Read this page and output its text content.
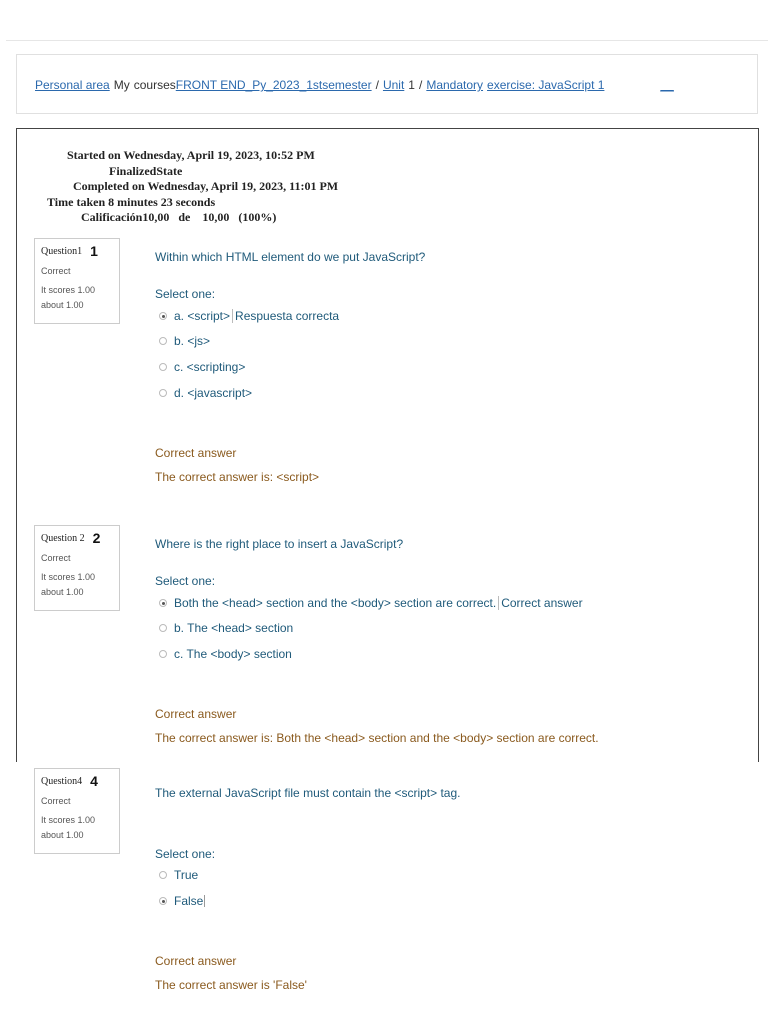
Personal area My coursesFRONT END_Py_2023_1stsemester / Unit 1 / Mandatory exercise: JavaScript 1	__
Started on Wednesday, April 19, 2023, 10:52 PM
FinalizedState
Completed on Wednesday, April 19, 2023, 11:01 PM
Time taken 8 minutes 23 seconds
Calificación10,00   de    10,00   (100%)
Question1 1
Correct
It scores 1.00
about 1.00
Within which HTML element do we put JavaScript?
Select one:
a. <script> Respuesta correcta
b. <js>
c. <scripting>
d. <javascript>
Correct answer
The correct answer is: <script>
Question 2 2
Correct
It scores 1.00
about 1.00
Where is the right place to insert a JavaScript?
Select one:
Both the <head> section and the <body> section are correct. Correct answer
b. The <head> section
c. The <body> section
Correct answer
The correct answer is: Both the <head> section and the <body> section are correct.
Question4 4
Correct
It scores 1.00
about 1.00
The external JavaScript file must contain the <script> tag.
Select one:
True
False
Correct answer
The correct answer is 'False'
